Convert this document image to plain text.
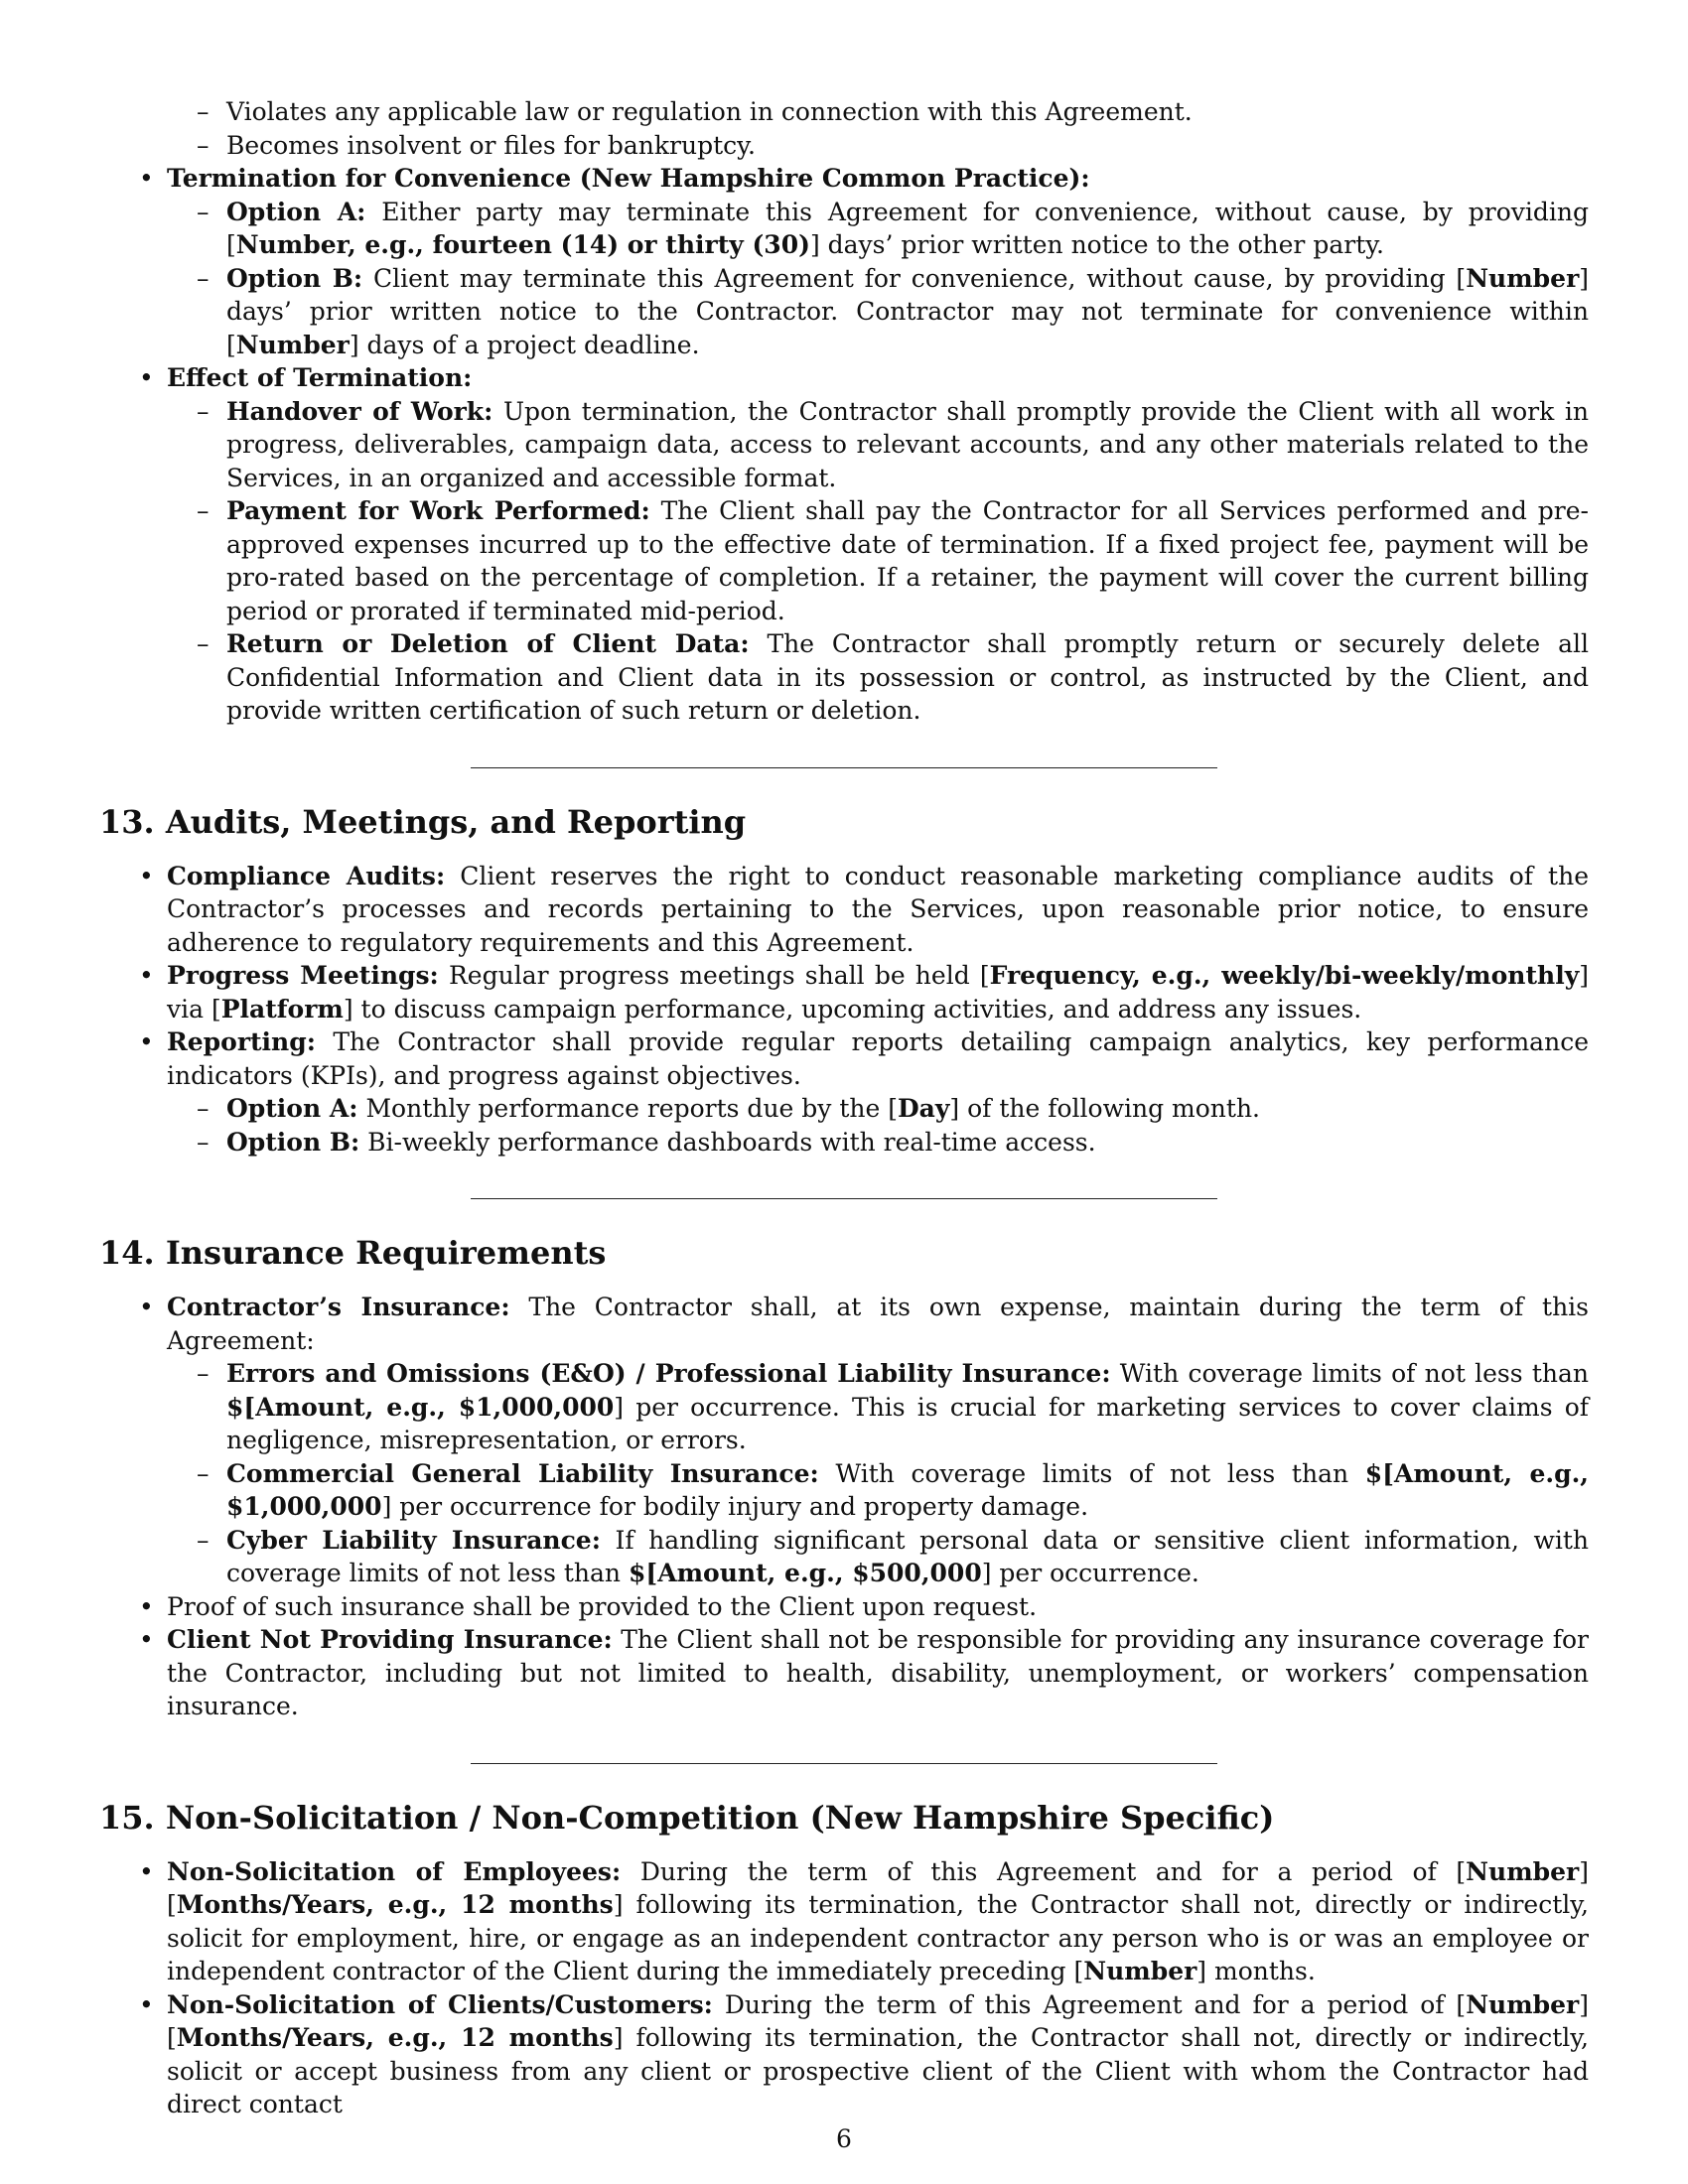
– Violates any applicable law or regulation in connection with this Agreement.

– Becomes insolvent or files for bankruptcy.

• Termination for Convenience (New Hampshire Common Practice):

– Option A: Either party may terminate this Agreement for convenience, without cause, by providing [Number, e.g., fourteen (14) or thirty (30)] days’ prior written notice to the other party.

– Option B: Client may terminate this Agreement for convenience, without cause, by providing [Number] days’ prior written notice to the Contractor. Contractor may not terminate for convenience within [Number] days of a project deadline.

• Effect of Termination:

– Handover of Work: Upon termination, the Contractor shall promptly provide the Client with all work in progress, deliverables, campaign data, access to relevant accounts, and any other materials related to the Services, in an organized and accessible format.

– Payment for Work Performed: The Client shall pay the Contractor for all Services performed and pre-approved expenses incurred up to the effective date of termination. If a fixed project fee, payment will be pro-rated based on the percentage of completion. If a retainer, the payment will cover the current billing period or prorated if terminated mid-period.

– Return or Deletion of Client Data: The Contractor shall promptly return or securely delete all Confidential Information and Client data in its possession or control, as instructed by the Client, and provide written certification of such return or deletion.

13. Audits, Meetings, and Reporting

• Compliance Audits: Client reserves the right to conduct reasonable marketing compliance audits of the Contractor’s processes and records pertaining to the Services, upon reasonable prior notice, to ensure adherence to regulatory requirements and this Agreement.

• Progress Meetings: Regular progress meetings shall be held [Frequency, e.g., weekly/bi-weekly/monthly] via [Platform] to discuss campaign performance, upcoming activities, and address any issues.

• Reporting: The Contractor shall provide regular reports detailing campaign analytics, key performance indicators (KPIs), and progress against objectives.

– Option A: Monthly performance reports due by the [Day] of the following month.

– Option B: Bi-weekly performance dashboards with real-time access.

14. Insurance Requirements

• Contractor’s Insurance: The Contractor shall, at its own expense, maintain during the term of this Agreement:

– Errors and Omissions (E&O) / Professional Liability Insurance: With coverage limits of not less than $[Amount, e.g., $1,000,000] per occurrence. This is crucial for marketing services to cover claims of negligence, misrepresentation, or errors.

– Commercial General Liability Insurance: With coverage limits of not less than $[Amount, e.g., $1,000,000] per occurrence for bodily injury and property damage.

– Cyber Liability Insurance: If handling significant personal data or sensitive client information, with coverage limits of not less than $[Amount, e.g., $500,000] per occurrence.

• Proof of such insurance shall be provided to the Client upon request.

• Client Not Providing Insurance: The Client shall not be responsible for providing any insurance coverage for the Contractor, including but not limited to health, disability, unemployment, or workers’ compensation insurance.

15. Non-Solicitation / Non-Competition (New Hampshire Specific)

• Non-Solicitation of Employees: During the term of this Agreement and for a period of [Number] [Months/Years, e.g., 12 months] following its termination, the Contractor shall not, directly or indirectly, solicit for employment, hire, or engage as an independent contractor any person who is or was an employee or independent contractor of the Client during the immediately preceding [Number] months.

• Non-Solicitation of Clients/Customers: During the term of this Agreement and for a period of [Number] [Months/Years, e.g., 12 months] following its termination, the Contractor shall not, directly or indirectly, solicit or accept business from any client or prospective client of the Client with whom the Contractor had direct contact

6
